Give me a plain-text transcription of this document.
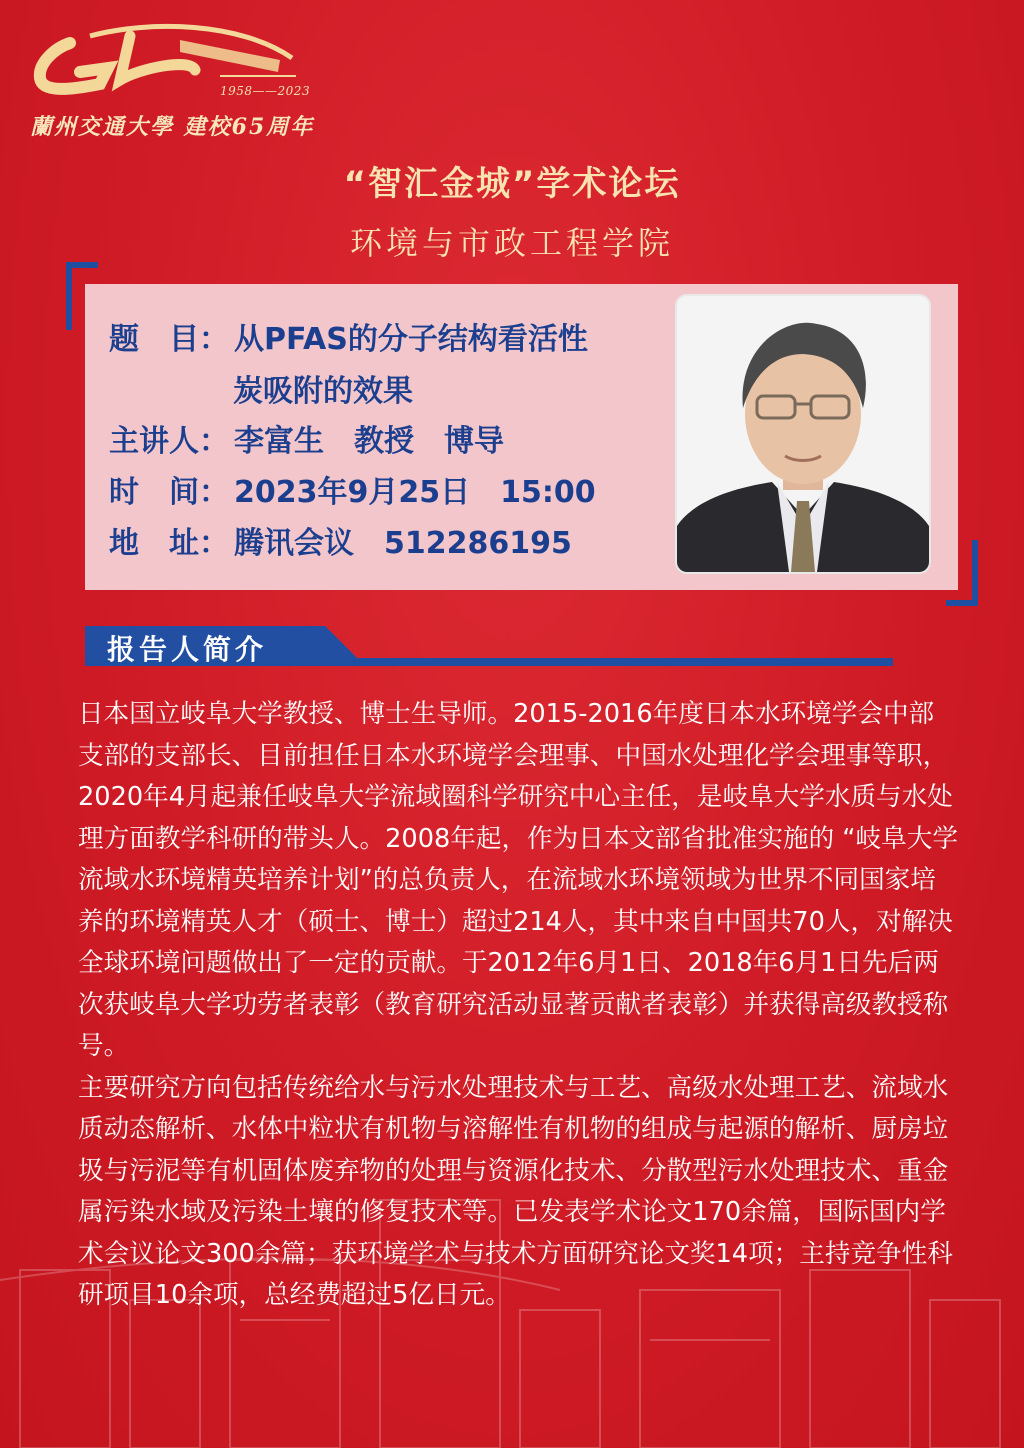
1958——2023
蘭州交通大學 建校65周年
“智汇金城”学术论坛
环境与市政工程学院
题　目： 从PFAS的分子结构看活性
炭吸附的效果
主讲人： 李富生　教授　博导
时　间： 2023年9月25日　15:00
地　址： 腾讯会议　512286195
报告人简介

日本国立岐阜大学教授、博士生导师。2015-2016年度日本水环境学会中部支部的支部长、目前担任日本水环境学会理事、中国水处理化学会理事等职，2020年4月起兼任岐阜大学流域圈科学研究中心主任，是岐阜大学水质与水处理方面教学科研的带头人。2008年起，作为日本文部省批准实施的 “岐阜大学流域水环境精英培养计划”的总负责人，在流域水环境领域为世界不同国家培养的环境精英人才（硕士、博士）超过214人，其中来自中国共70人，对解决全球环境问题做出了一定的贡献。于2012年6月1日、2018年6月1日先后两次获岐阜大学功劳者表彰（教育研究活动显著贡献者表彰）并获得高级教授称号。

主要研究方向包括传统给水与污水处理技术与工艺、高级水处理工艺、流域水质动态解析、水体中粒状有机物与溶解性有机物的组成与起源的解析、厨房垃圾与污泥等有机固体废弃物的处理与资源化技术、分散型污水处理技术、重金属污染水域及污染土壤的修复技术等。已发表学术论文170余篇，国际国内学术会议论文300余篇；获环境学术与技术方面研究论文奖14项；主持竞争性科研项目10余项，总经费超过5亿日元。
